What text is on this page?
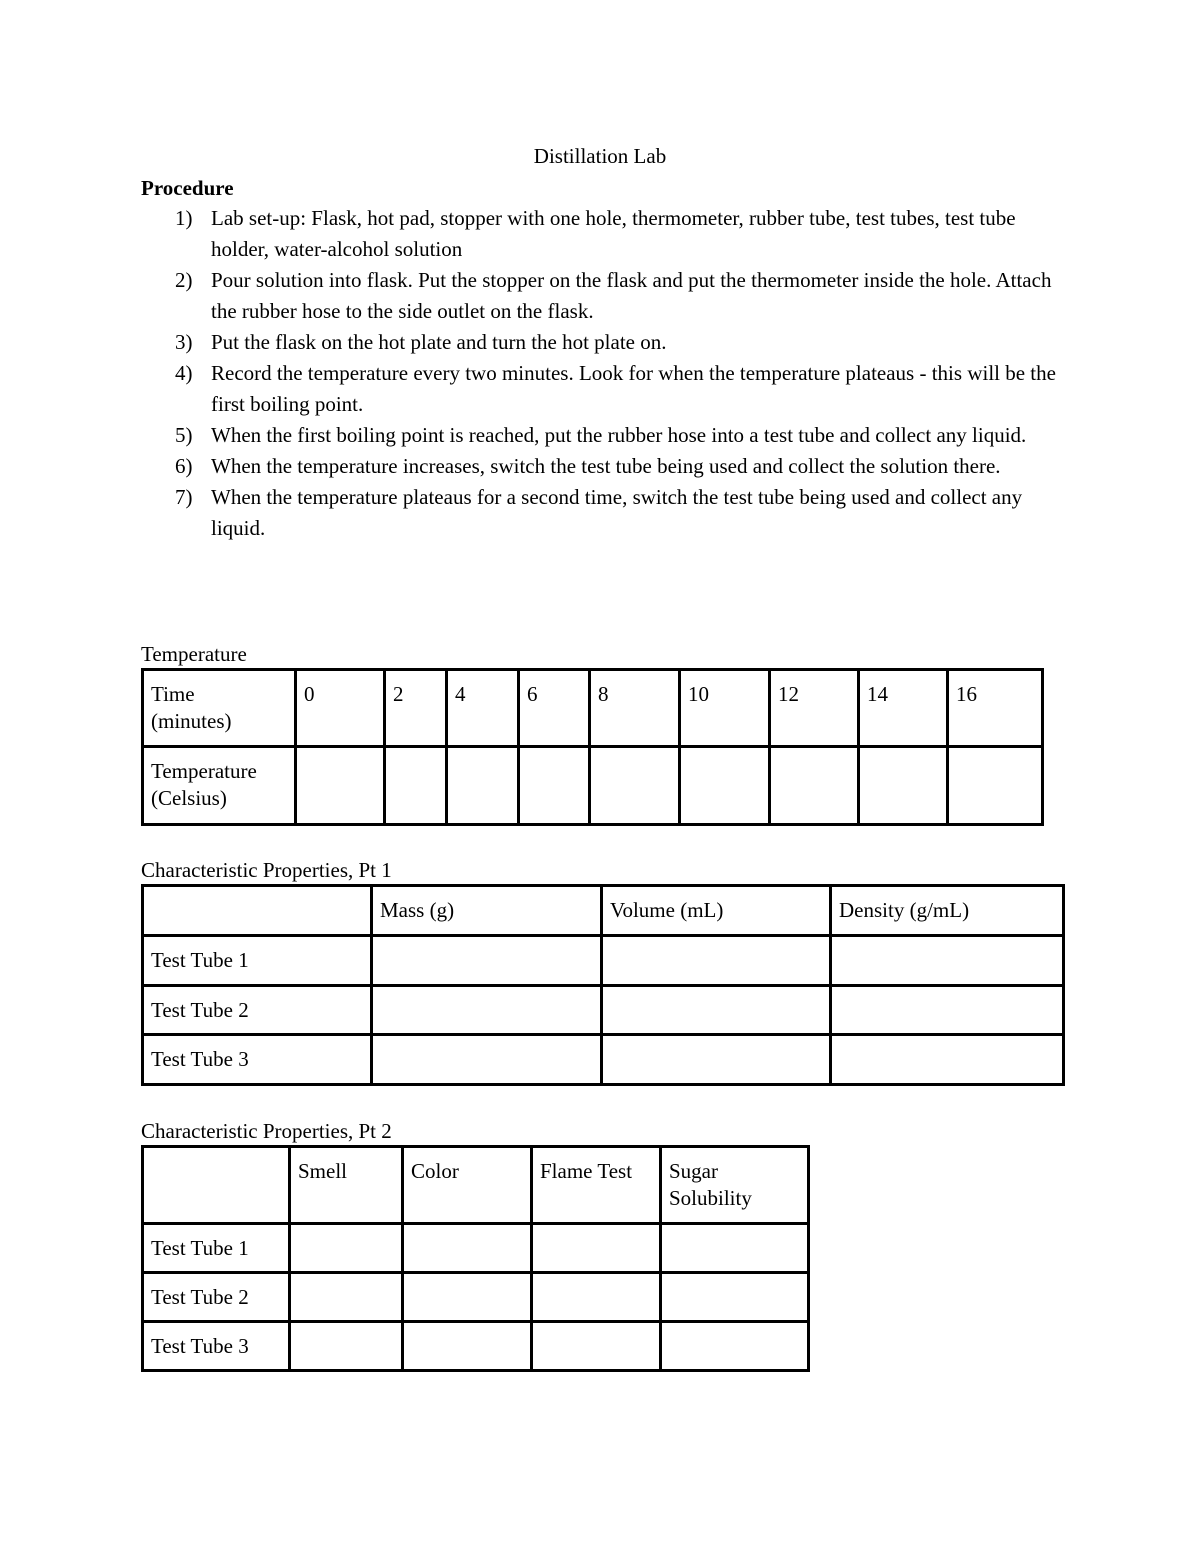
Distillation Lab
Procedure
1) Lab set-up: Flask, hot pad, stopper with one hole, thermometer, rubber tube, test tubes, test tube holder, water-alcohol solution
2) Pour solution into flask. Put the stopper on the flask and put the thermometer inside the hole. Attach the rubber hose to the side outlet on the flask.
3) Put the flask on the hot plate and turn the hot plate on.
4) Record the temperature every two minutes. Look for when the temperature plateaus - this will be the first boiling point.
5) When the first boiling point is reached, put the rubber hose into a test tube and collect any liquid.
6) When the temperature increases, switch the test tube being used and collect the solution there.
7) When the temperature plateaus for a second time, switch the test tube being used and collect any liquid.
Temperature
Time
(minutes)	0	2	4	6	8	10	12	14	16
Temperature
(Celsius)									
Characteristic Properties, Pt 1
	Mass (g)	Volume (mL)	Density (g/mL)
Test Tube 1			
Test Tube 2			
Test Tube 3			
Characteristic Properties, Pt 2
	Smell	Color	Flame Test	Sugar Solubility
Test Tube 1				
Test Tube 2				
Test Tube 3				
